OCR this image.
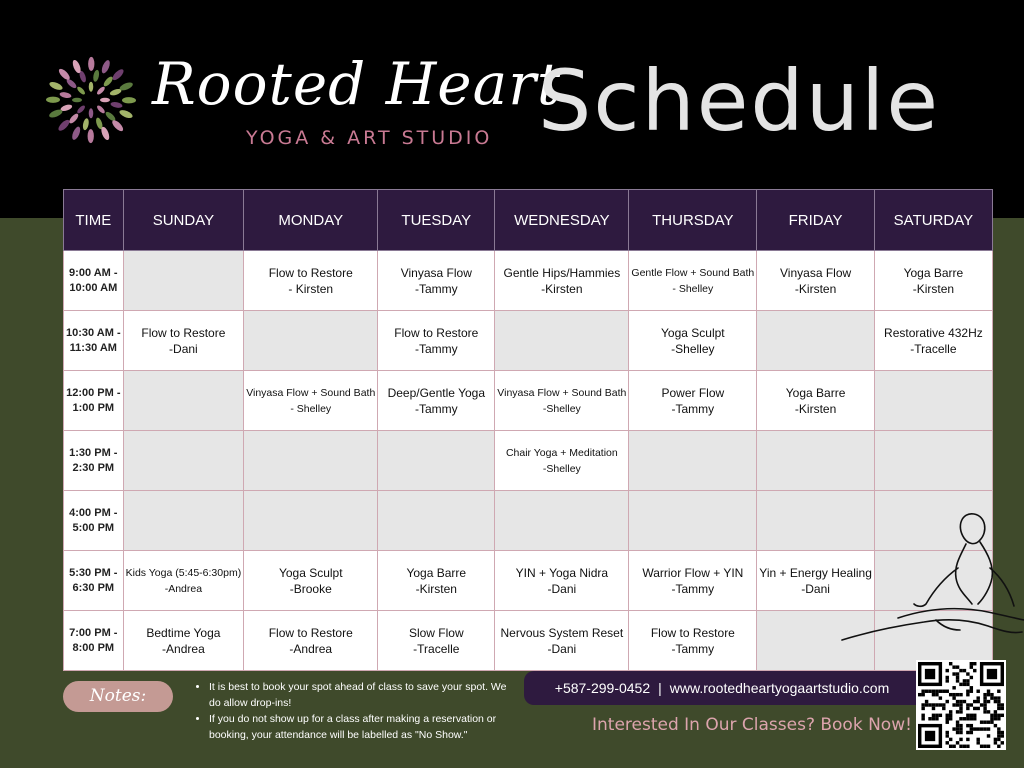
Rooted Heart
YOGA & ART STUDIO Schedule
TIME	SUNDAY	MONDAY	TUESDAY	WEDNESDAY	THURSDAY	FRIDAY	SATURDAY

9:00 AM -
10:00 AM		Flow to Restore
- Kirsten	Vinyasa Flow
-Tammy	Gentle Hips/Hammies
-Kirsten	Gentle Flow + Sound Bath
- Shelley	Vinyasa Flow
-Kirsten	Yoga Barre
-Kirsten

10:30 AM -
11:30 AM	Flow to Restore
-Dani		Flow to Restore
-Tammy		Yoga Sculpt
-Shelley		Restorative 432Hz
-Tracelle

12:00 PM -
1:00 PM		Vinyasa Flow + Sound Bath
- Shelley	Deep/Gentle Yoga
-Tammy	Vinyasa Flow + Sound Bath
-Shelley	Power Flow
-Tammy	Yoga Barre
-Kirsten	

1:30 PM -
2:30 PM				Chair Yoga + Meditation
-Shelley			

4:00 PM -
5:00 PM							

5:30 PM -
6:30 PM	Kids Yoga (5:45-6:30pm)
-Andrea	Yoga Sculpt
-Brooke	Yoga Barre
-Kirsten	YIN + Yoga Nidra
-Dani	Warrior Flow + YIN
-Tammy	Yin + Energy Healing
-Dani	

7:00 PM -
8:00 PM	Bedtime Yoga
-Andrea	Flow to Restore
-Andrea	Slow Flow
-Tracelle	Nervous System Reset
-Dani	Flow to Restore
-Tammy		

Notes:	• It is best to book your spot ahead of class to save your spot. We do allow drop-ins!
• If you do not show up for a class after making a reservation or booking, your attendance will be labelled as "No Show."
+587-299-0452 | www.rootedheartyogaartstudio.com
Interested In Our Classes? Book Now!
